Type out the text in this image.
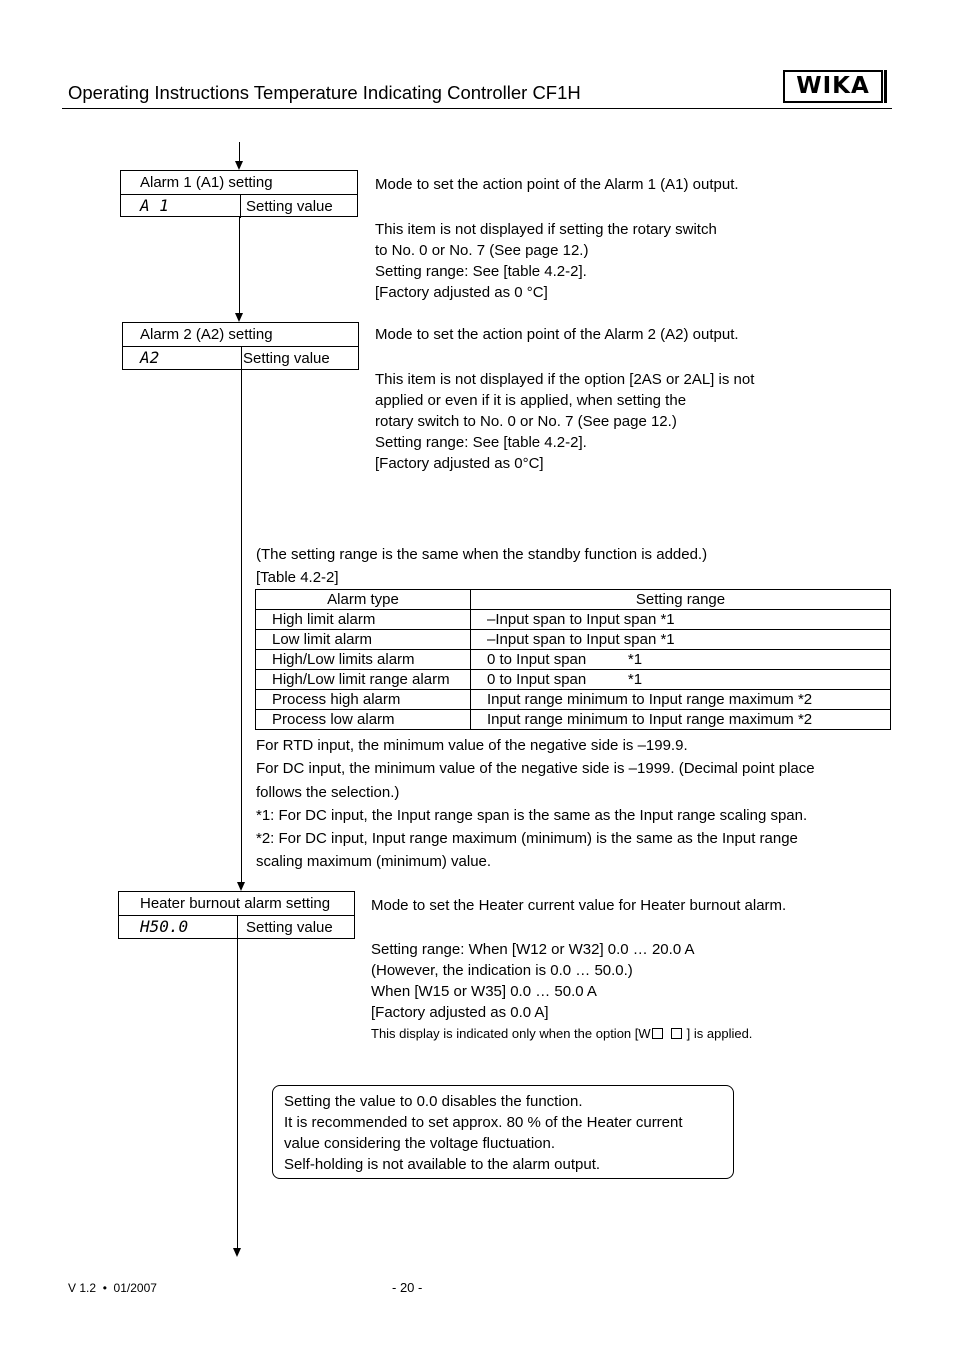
Operating Instructions Temperature Indicating Controller CF1H	WIKA
Alarm 1 (A1) setting
A 1	Setting value
Mode to set the action point of the Alarm 1 (A1) output.
This item is not displayed if setting the rotary switch
to No. 0 or No. 7 (See page 12.)
Setting range: See [table 4.2-2].
[Factory adjusted as 0 °C]
Alarm 2 (A2) setting
A2	Setting value
Mode to set the action point of the Alarm 2 (A2) output.
This item is not displayed if the option [2AS or 2AL] is not
applied or even if it is applied, when setting the
rotary switch to No. 0 or No. 7 (See page 12.)
Setting range: See [table 4.2-2].
[Factory adjusted as 0°C]
(The setting range is the same when the standby function is added.)
[Table 4.2-2]
Alarm type	Setting range
High limit alarm	–Input span to Input span *1
Low limit alarm	–Input span to Input span *1
High/Low limits alarm	0 to Input span          *1
High/Low limit range alarm	0 to Input span          *1
Process high alarm	Input range minimum to Input range maximum *2
Process low alarm	Input range minimum to Input range maximum *2
For RTD input, the minimum value of the negative side is –199.9.
For DC input, the minimum value of the negative side is –1999. (Decimal point place
follows the selection.)
*1: For DC input, the Input range span is the same as the Input range scaling span.
*2: For DC input, Input range maximum (minimum) is the same as the Input range
scaling maximum (minimum) value.
Heater burnout alarm setting
H50.0	Setting value
Mode to set the Heater current value for Heater burnout alarm.
Setting range: When [W12 or W32] 0.0 … 20.0 A
(However, the indication is 0.0 … 50.0.)
When [W15 or W35] 0.0 … 50.0 A
[Factory adjusted as 0.0 A]
This display is indicated only when the option [W	] is applied.
Setting the value to 0.0 disables the function.
It is recommended to set approx. 80 % of the Heater current
value considering the voltage fluctuation.
Self-holding is not available to the alarm output.
V 1.2  •  01/2007	- 20 -
